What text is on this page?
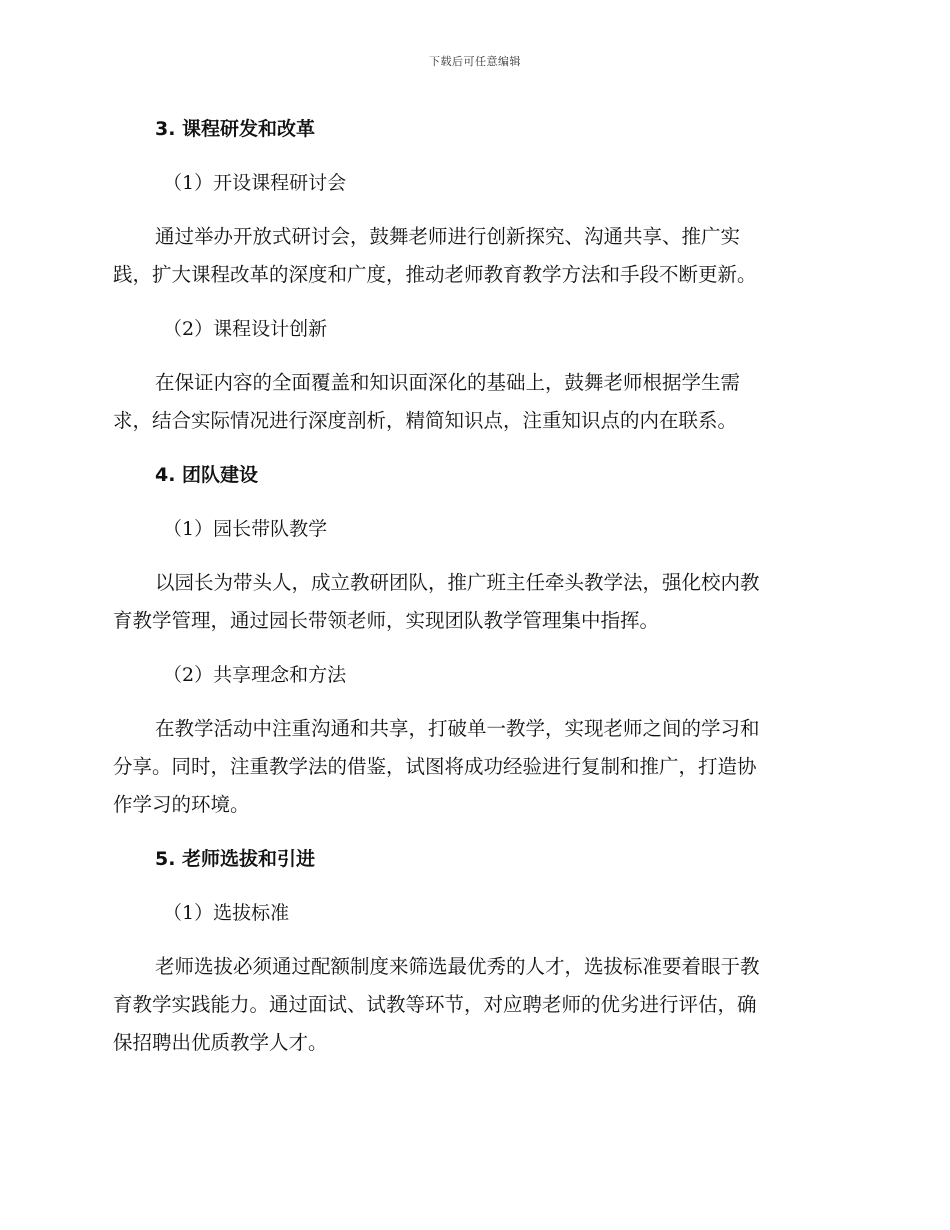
下载后可任意编辑
3. 课程研发和改革
（1）开设课程研讨会
通过举办开放式研讨会，鼓舞老师进行创新探究、沟通共享、推广实
践，扩大课程改革的深度和广度，推动老师教育教学方法和手段不断更新。
（2）课程设计创新
在保证内容的全面覆盖和知识面深化的基础上，鼓舞老师根据学生需
求，结合实际情况进行深度剖析，精简知识点，注重知识点的内在联系。
4. 团队建设
（1）园长带队教学
以园长为带头人，成立教研团队，推广班主任牵头教学法，强化校内教
育教学管理，通过园长带领老师，实现团队教学管理集中指挥。
（2）共享理念和方法
在教学活动中注重沟通和共享，打破单一教学，实现老师之间的学习和
分享。同时，注重教学法的借鉴，试图将成功经验进行复制和推广，打造协
作学习的环境。
5. 老师选拔和引进
（1）选拔标准
老师选拔必须通过配额制度来筛选最优秀的人才，选拔标准要着眼于教
育教学实践能力。通过面试、试教等环节，对应聘老师的优劣进行评估，确
保招聘出优质教学人才。
